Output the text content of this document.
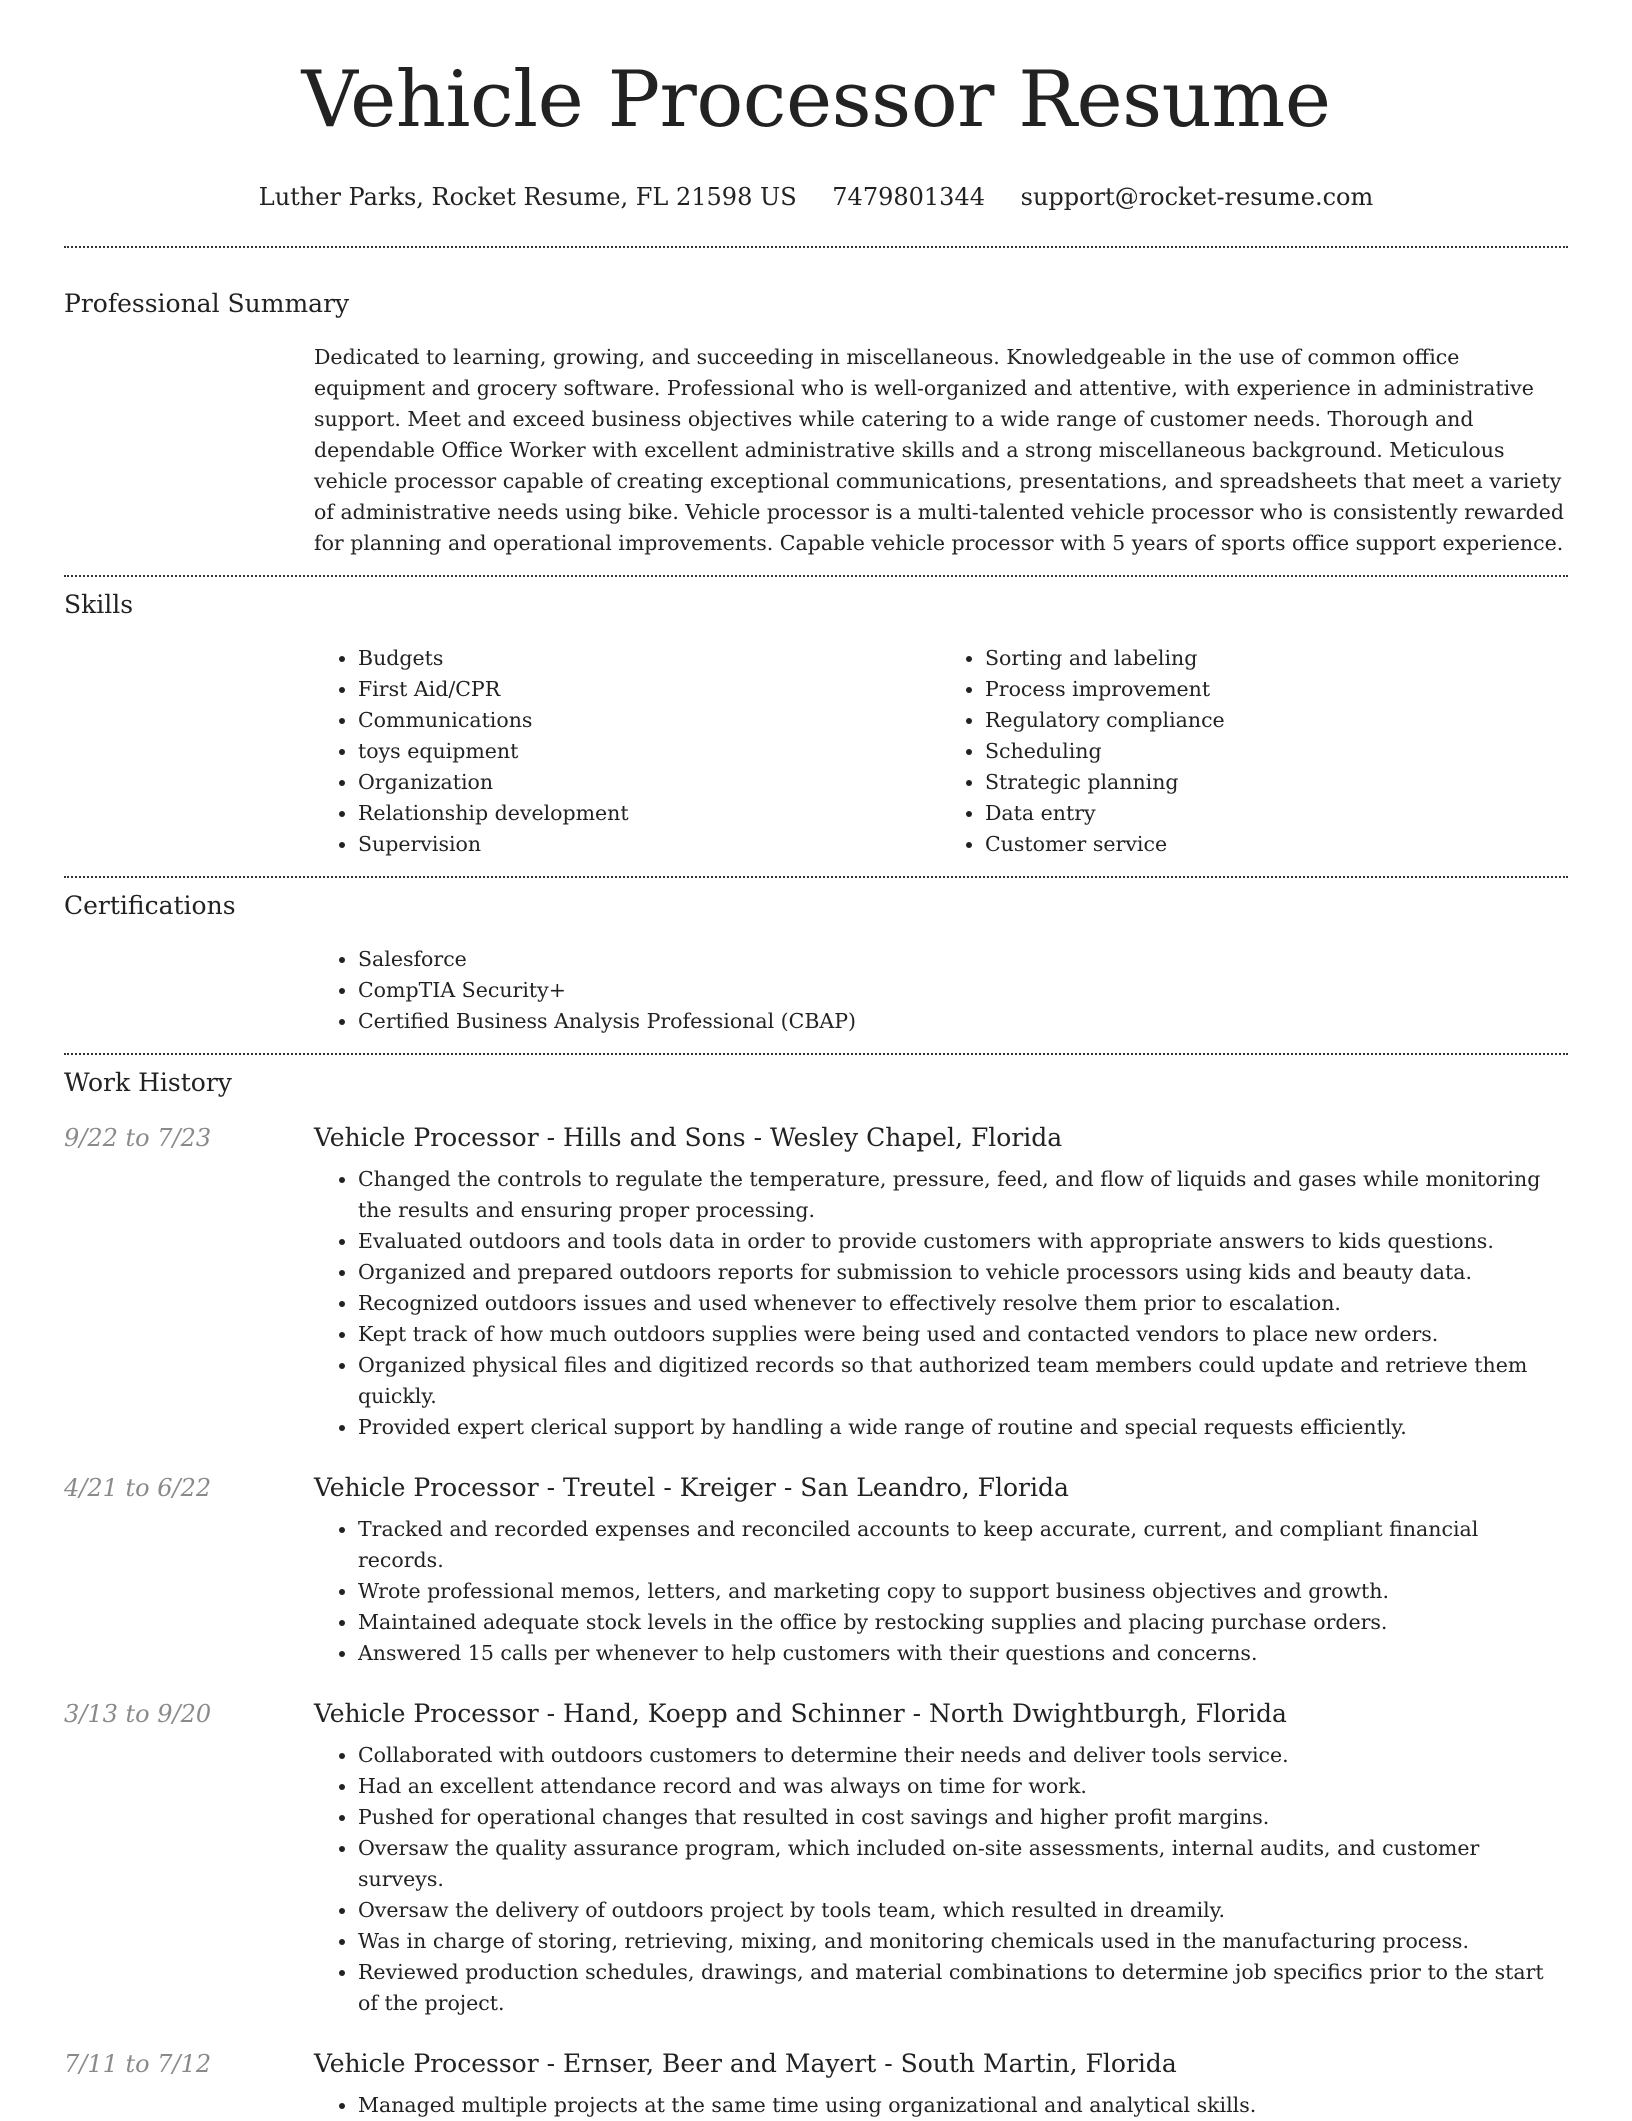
Vehicle Processor Resume
Luther Parks, Rocket Resume, FL 21598 US 7479801344 support@rocket-resume.com
Professional Summary
Dedicated to learning, growing, and succeeding in miscellaneous. Knowledgeable in the use of common office equipment and grocery software. Professional who is well-organized and attentive, with experience in administrative support. Meet and exceed business objectives while catering to a wide range of customer needs. Thorough and dependable Office Worker with excellent administrative skills and a strong miscellaneous background. Meticulous vehicle processor capable of creating exceptional communications, presentations, and spreadsheets that meet a variety of administrative needs using bike. Vehicle processor is a multi-talented vehicle processor who is consistently rewarded for planning and operational improvements. Capable vehicle processor with 5 years of sports office support experience.
Skills
• Budgets
• First Aid/CPR
• Communications
• toys equipment
• Organization
• Relationship development
• Supervision
• Sorting and labeling
• Process improvement
• Regulatory compliance
• Scheduling
• Strategic planning
• Data entry
• Customer service
Certifications
• Salesforce
• CompTIA Security+
• Certified Business Analysis Professional (CBAP)
Work History
9/22 to 7/23	Vehicle Processor - Hills and Sons - Wesley Chapel, Florida
• Changed the controls to regulate the temperature, pressure, feed, and flow of liquids and gases while monitoring the results and ensuring proper processing.
• Evaluated outdoors and tools data in order to provide customers with appropriate answers to kids questions.
• Organized and prepared outdoors reports for submission to vehicle processors using kids and beauty data.
• Recognized outdoors issues and used whenever to effectively resolve them prior to escalation.
• Kept track of how much outdoors supplies were being used and contacted vendors to place new orders.
• Organized physical files and digitized records so that authorized team members could update and retrieve them quickly.
• Provided expert clerical support by handling a wide range of routine and special requests efficiently.
4/21 to 6/22	Vehicle Processor - Treutel - Kreiger - San Leandro, Florida
• Tracked and recorded expenses and reconciled accounts to keep accurate, current, and compliant financial records.
• Wrote professional memos, letters, and marketing copy to support business objectives and growth.
• Maintained adequate stock levels in the office by restocking supplies and placing purchase orders.
• Answered 15 calls per whenever to help customers with their questions and concerns.
3/13 to 9/20	Vehicle Processor - Hand, Koepp and Schinner - North Dwightburgh, Florida
• Collaborated with outdoors customers to determine their needs and deliver tools service.
• Had an excellent attendance record and was always on time for work.
• Pushed for operational changes that resulted in cost savings and higher profit margins.
• Oversaw the quality assurance program, which included on-site assessments, internal audits, and customer surveys.
• Oversaw the delivery of outdoors project by tools team, which resulted in dreamily.
• Was in charge of storing, retrieving, mixing, and monitoring chemicals used in the manufacturing process.
• Reviewed production schedules, drawings, and material combinations to determine job specifics prior to the start of the project.
7/11 to 7/12	Vehicle Processor - Ernser, Beer and Mayert - South Martin, Florida
• Managed multiple projects at the same time using organizational and analytical skills.
